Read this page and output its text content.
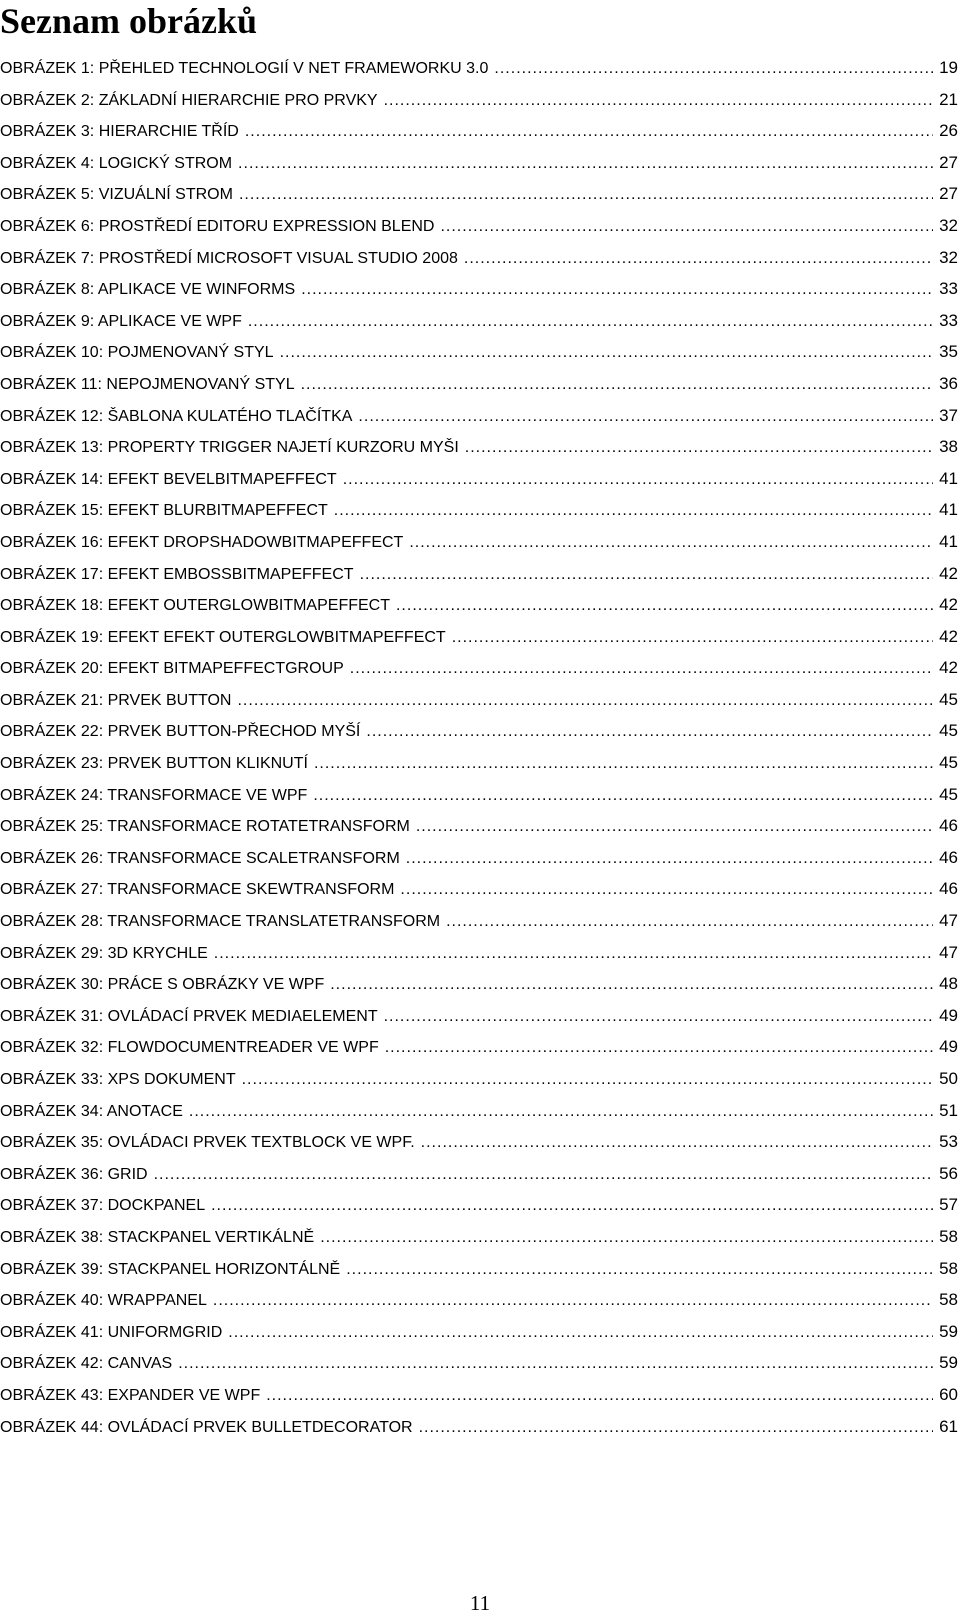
Seznam obrázků
OBRÁZEK 1: PŘEHLED TECHNOLOGIÍ V NET FRAMEWORKU 3.0 .....	19
OBRÁZEK 2: ZÁKLADNÍ HIERARCHIE PRO PRVKY .....	21
OBRÁZEK 3: HIERARCHIE TŘÍD .....	26
OBRÁZEK 4: LOGICKÝ STROM .....	27
OBRÁZEK 5: VIZUÁLNÍ STROM .....	27
OBRÁZEK 6: PROSTŘEDÍ EDITORU EXPRESSION BLEND .....	32
OBRÁZEK 7: PROSTŘEDÍ MICROSOFT VISUAL STUDIO 2008 .....	32
OBRÁZEK 8: APLIKACE VE WINFORMS .....	33
OBRÁZEK 9: APLIKACE VE WPF .....	33
OBRÁZEK 10: POJMENOVANÝ STYL .....	35
OBRÁZEK 11: NEPOJMENOVANÝ STYL .....	36
OBRÁZEK 12: ŠABLONA KULATÉHO TLAČÍTKA .....	37
OBRÁZEK 13: PROPERTY TRIGGER NAJETÍ KURZORU MYŠI .....	38
OBRÁZEK 14: EFEKT BEVELBITMAPEFFECT .....	41
OBRÁZEK 15: EFEKT BLURBITMAPEFFECT .....	41
OBRÁZEK 16: EFEKT DROPSHADOWBITMAPEFFECT .....	41
OBRÁZEK 17: EFEKT EMBOSSBITMAPEFFECT .....	42
OBRÁZEK 18: EFEKT OUTERGLOWBITMAPEFFECT .....	42
OBRÁZEK 19: EFEKT EFEKT OUTERGLOWBITMAPEFFECT .....	42
OBRÁZEK 20: EFEKT BITMAPEFFECTGROUP .....	42
OBRÁZEK 21: PRVEK BUTTON .....	45
OBRÁZEK 22: PRVEK BUTTON-PŘECHOD MYŠÍ .....	45
OBRÁZEK 23: PRVEK BUTTON KLIKNUTÍ .....	45
OBRÁZEK 24: TRANSFORMACE VE WPF .....	45
OBRÁZEK 25: TRANSFORMACE ROTATETRANSFORM .....	46
OBRÁZEK 26: TRANSFORMACE SCALETRANSFORM .....	46
OBRÁZEK 27: TRANSFORMACE SKEWTRANSFORM .....	46
OBRÁZEK 28: TRANSFORMACE TRANSLATETRANSFORM .....	47
OBRÁZEK 29: 3D KRYCHLE .....	47
OBRÁZEK 30: PRÁCE S OBRÁZKY VE WPF .....	48
OBRÁZEK 31: OVLÁDACÍ PRVEK MEDIAELEMENT .....	49
OBRÁZEK 32: FLOWDOCUMENTREADER VE WPF .....	49
OBRÁZEK 33: XPS DOKUMENT .....	50
OBRÁZEK 34: ANOTACE .....	51
OBRÁZEK 35: OVLÁDACI PRVEK TEXTBLOCK VE WPF. .....	53
OBRÁZEK 36: GRID .....	56
OBRÁZEK 37: DOCKPANEL .....	57
OBRÁZEK 38: STACKPANEL VERTIKÁLNĚ .....	58
OBRÁZEK 39: STACKPANEL HORIZONTÁLNĚ .....	58
OBRÁZEK 40: WRAPPANEL .....	58
OBRÁZEK 41: UNIFORMGRID .....	59
OBRÁZEK 42: CANVAS .....	59
OBRÁZEK 43: EXPANDER VE WPF .....	60
OBRÁZEK 44: OVLÁDACÍ PRVEK BULLETDECORATOR .....	61
11
